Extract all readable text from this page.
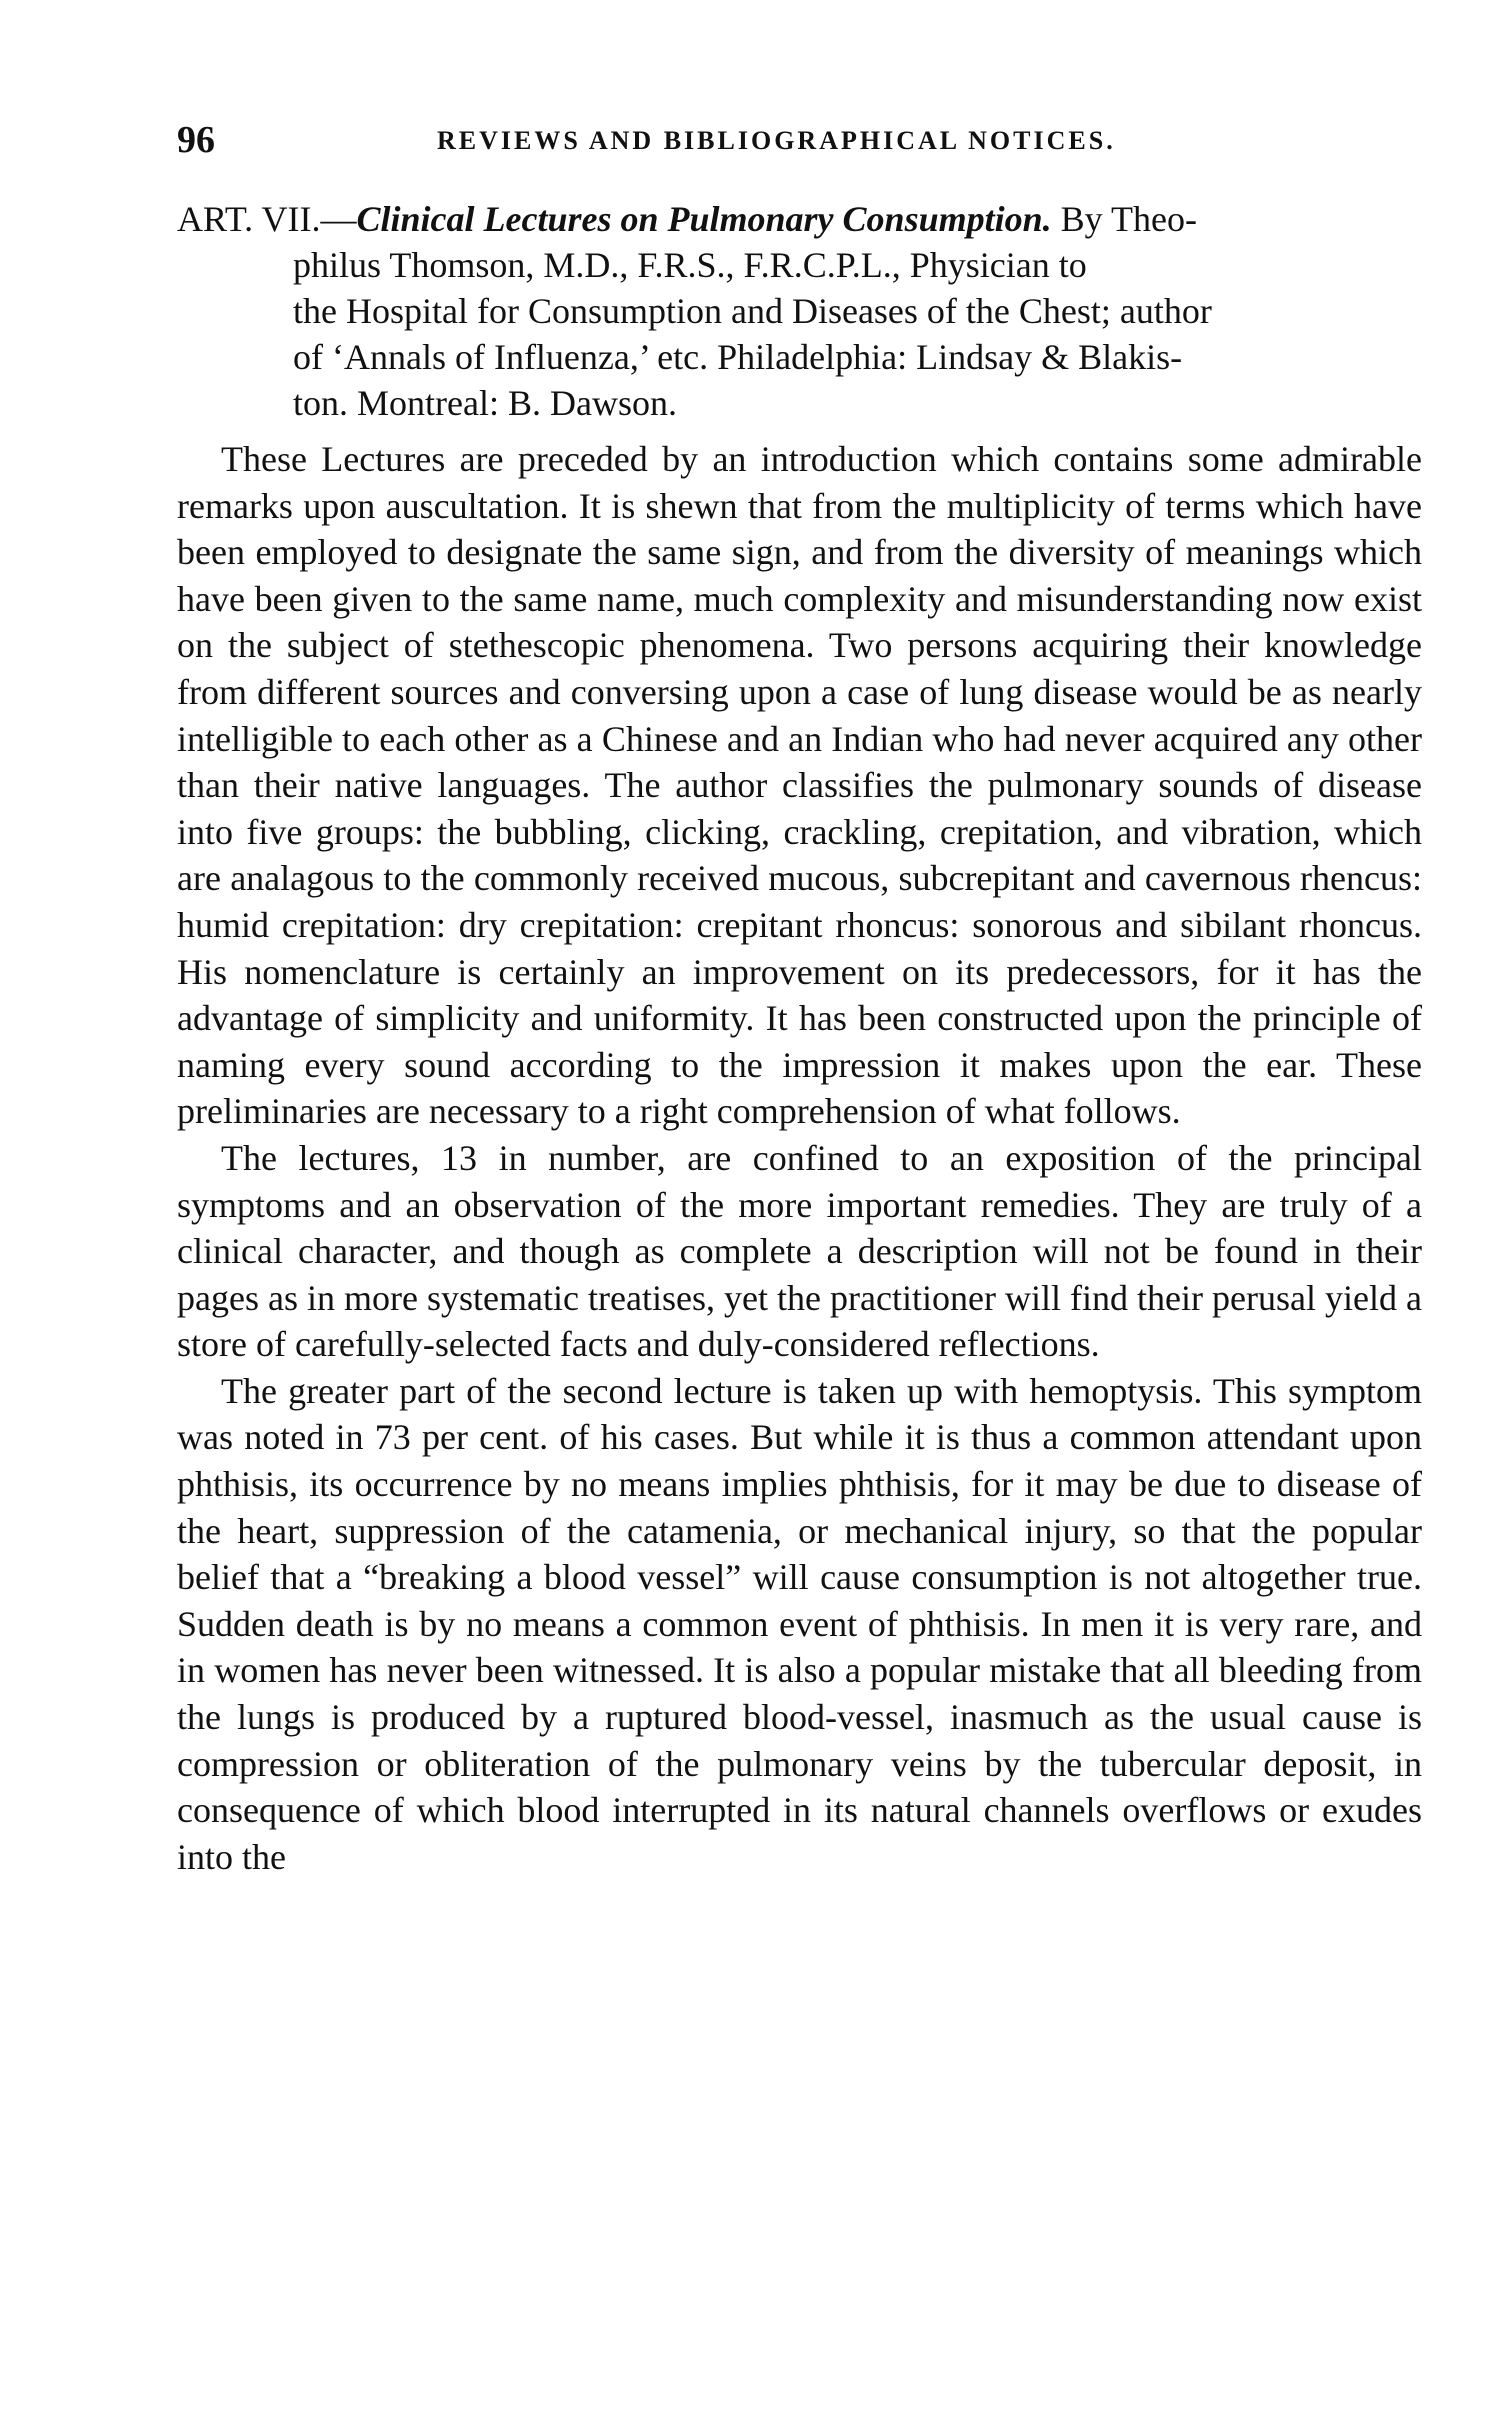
96	REVIEWS AND BIBLIOGRAPHICAL NOTICES.
ART. VII.—Clinical Lectures on Pulmonary Consumption. By Theo-
philus Thomson, M.D., F.R.S., F.R.C.P.L., Physician to
the Hospital for Consumption and Diseases of the Chest; author
of ‘Annals of Influenza,’ etc. Philadelphia: Lindsay & Blakis-
ton. Montreal: B. Dawson.

These Lectures are preceded by an introduction which contains some admirable remarks upon auscultation. It is shewn that from the multiplicity of terms which have been employed to designate the same sign, and from the diversity of meanings which have been given to the same name, much complexity and misunderstanding now exist on the subject of stethescopic phenomena. Two persons acquiring their knowledge from different sources and conversing upon a case of lung disease would be as nearly intelligible to each other as a Chinese and an Indian who had never acquired any other than their native languages. The author classifies the pulmonary sounds of disease into five groups: the bubbling, clicking, crackling, crepitation, and vibration, which are analagous to the commonly received mucous, subcrepitant and cavernous rhencus: humid crepitation: dry crepitation: crepitant rhoncus: sonorous and sibilant rhoncus. His nomenclature is certainly an improvement on its predecessors, for it has the advantage of simplicity and uniformity. It has been constructed upon the principle of naming every sound according to the impression it makes upon the ear. These preliminaries are necessary to a right comprehension of what follows.

The lectures, 13 in number, are confined to an exposition of the principal symptoms and an observation of the more important remedies. They are truly of a clinical character, and though as complete a description will not be found in their pages as in more systematic treatises, yet the practitioner will find their perusal yield a store of carefully-selected facts and duly-considered reflections.

The greater part of the second lecture is taken up with hemoptysis. This symptom was noted in 73 per cent. of his cases. But while it is thus a common attendant upon phthisis, its occurrence by no means implies phthisis, for it may be due to disease of the heart, suppression of the catamenia, or mechanical injury, so that the popular belief that a “breaking a blood vessel” will cause consumption is not altogether true. Sudden death is by no means a common event of phthisis. In men it is very rare, and in women has never been witnessed. It is also a popular mistake that all bleeding from the lungs is produced by a ruptured blood-vessel, inasmuch as the usual cause is compression or obliteration of the pulmonary veins by the tubercular deposit, in consequence of which blood interrupted in its natural channels overflows or exudes into the
